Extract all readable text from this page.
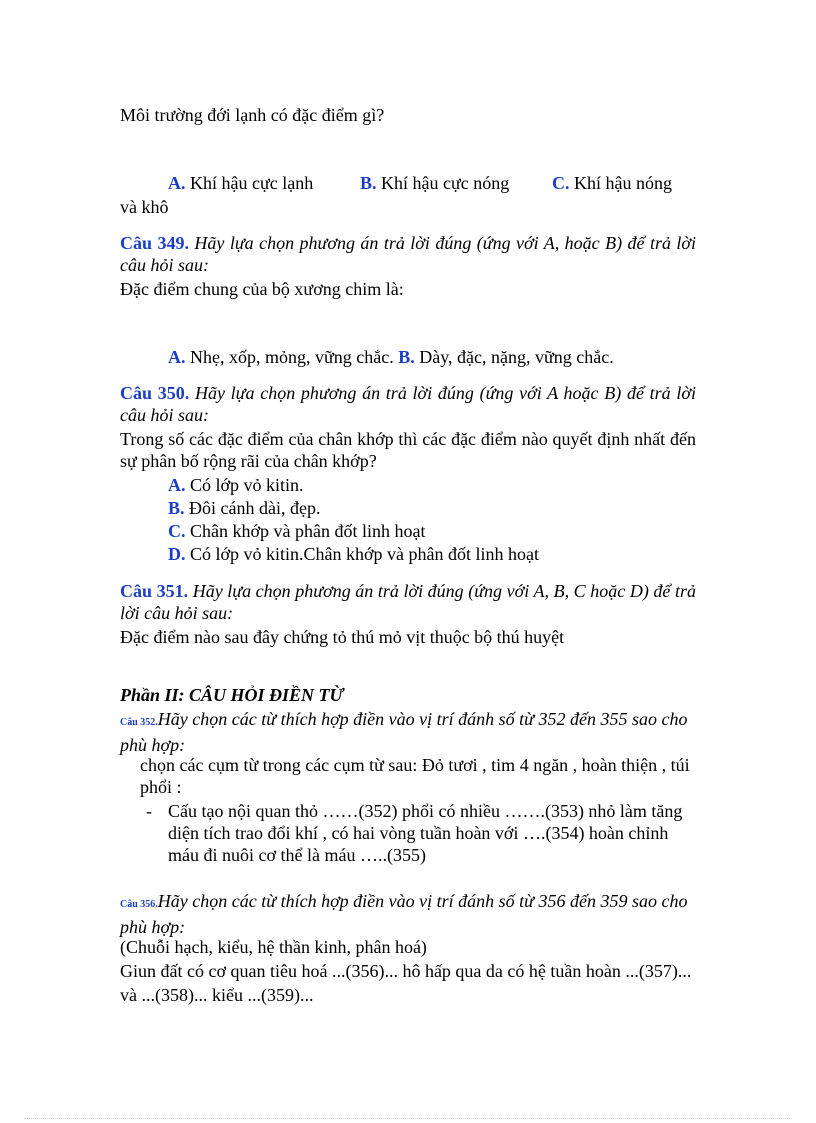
Môi trường đới lạnh có đặc điểm gì?
A. Khí hậu cực lạnh	B. Khí hậu cực nóng C. Khí hậu nóng
và khô
Câu 349. Hãy lựa chọn phương án trả lời đúng (ứng với A, hoặc B) để trả lời câu hỏi sau:
Đặc điểm chung của bộ xương chim là:
A. Nhẹ, xốp, mỏng, vững chắc. B. Dày, đặc, nặng, vững chắc.
Câu 350. Hãy lựa chọn phương án trả lời đúng (ứng với A hoặc B) để trả lời câu hỏi sau:
Trong số các đặc điểm của chân khớp thì các đặc điểm nào quyết định nhất đến sự phân bố rộng rãi của chân khớp?
A. Có lớp vỏ kitin.
B. Đôi cánh dài, đẹp.
C. Chân khớp và phân đốt linh hoạt
D. Có lớp vỏ kitin.Chân khớp và phân đốt linh hoạt
Câu 351. Hãy lựa chọn phương án trả lời đúng (ứng với A, B, C hoặc D) để trả lời câu hỏi sau:
Đặc điểm nào sau đây chứng tỏ thú mỏ vịt thuộc bộ thú huyệt
Phần II: CÂU HỎI ĐIỀN TỪ
Câu 352.Hãy chọn các từ thích hợp điền vào vị trí đánh số từ 352 đến 355 sao cho phù hợp:
chọn các cụm từ trong các cụm từ sau: Đỏ tươi , tim 4 ngăn , hoàn thiện , túi phổi :
- Cấu tạo nội quan thỏ ……(352) phổi có nhiều …….(353) nhỏ làm tăng diện tích trao đổi khí , có hai vòng tuần hoàn với ….(354) hoàn chỉnh máu đi nuôi cơ thể là máu …..(355)
Câu 356.Hãy chọn các từ thích hợp điền vào vị trí đánh số từ 356 đến 359 sao cho phù hợp:
(Chuỗi hạch, kiểu, hệ thần kinh, phân hoá)
Giun đất có cơ quan tiêu hoá ...(356)... hô hấp qua da có hệ tuần hoàn ...(357)... và ...(358)... kiểu ...(359)...
